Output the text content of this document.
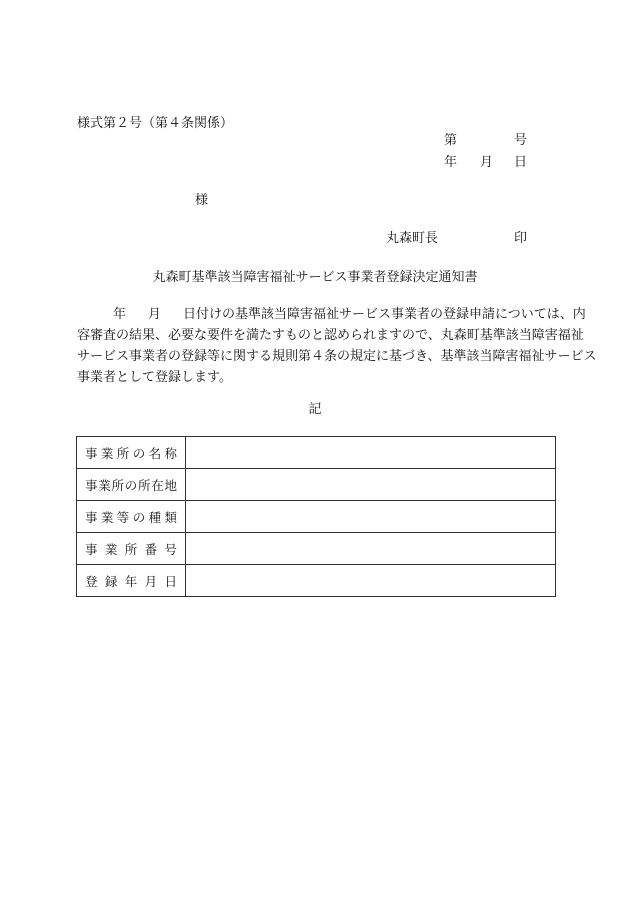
様式第２号（第４条関係）
第	号
年 月 日
様
丸森町長	印
丸森町基準該当障害福祉サービス事業者登録決定通知書

年 月 日付けの基準該当障害福祉サービス事業者の登録申請については、内

容審査の結果、必要な要件を満たすものと認められますので、丸森町基準該当障害福祉

サービス事業者の登録等に関する規則第４条の規定に基づき、基準該当障害福祉サービス

事業者として登録します。

記
事業所の名称	
事業所の所在地	
事業等の種類	
事業所番号	
登録年月日	
